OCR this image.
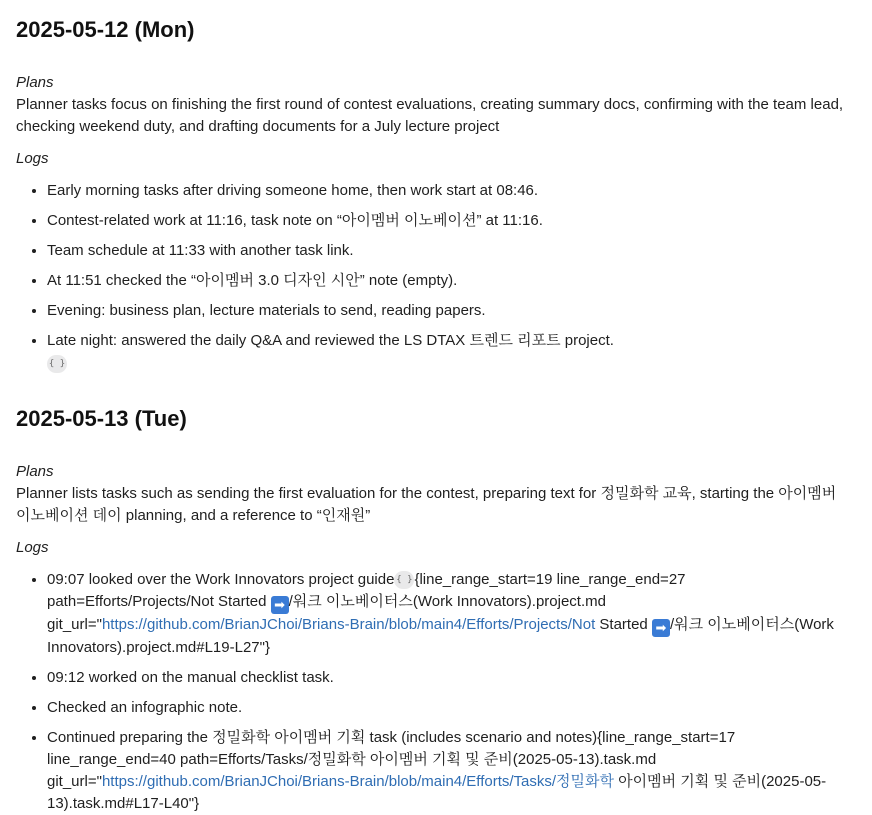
2025-05-12 (Mon)

Plans

Planner tasks focus on finishing the first round of contest evaluations, creating summary docs, confirming with the team lead, checking weekend duty, and drafting documents for a July lecture project

Logs

• Early morning tasks after driving someone home, then work start at 08:46.
• Contest-related work at 11:16, task note on “아이멤버 이노베이션” at 11:16.
• Team schedule at 11:33 with another task link.
• At 11:51 checked the “아이멤버 3.0 디자인 시안” note (empty).
• Evening: business plan, lecture materials to send, reading papers.
• Late night: answered the daily Q&A and reviewed the LS DTAX 트렌드 리포트 project.
{ }
2025-05-13 (Tue)

Plans

Planner lists tasks such as sending the first evaluation for the contest, preparing text for 정밀화학 교육, starting the 아이멤버 이노베이션 데이 planning, and a reference to “인재원”

Logs

• 09:07 looked over the Work Innovators project guide { } {line_range_start=19 line_range_end=27 path=Efforts/Projects/Not Started ➡ /워크 이노베이터스(Work Innovators).project.md git_url="https://github.com/BrianJChoi/Brians-Brain/blob/main4/Efforts/Projects/Not Started ➡ /워크 이노베이터스(Work Innovators).project.md#L19-L27"}
• 09:12 worked on the manual checklist task.
• Checked an infographic note.
• Continued preparing the 정밀화학 아이멤버 기획 task (includes scenario and notes){line_range_start=17 line_range_end=40 path=Efforts/Tasks/정밀화학 아이멤버 기획 및 준비(2025-05-13).task.md git_url="https://github.com/BrianJChoi/Brians-Brain/blob/main4/Efforts/Tasks/정밀화학 아이멤버 기획 및 준비(2025-05-13).task.md#L17-L40"}
